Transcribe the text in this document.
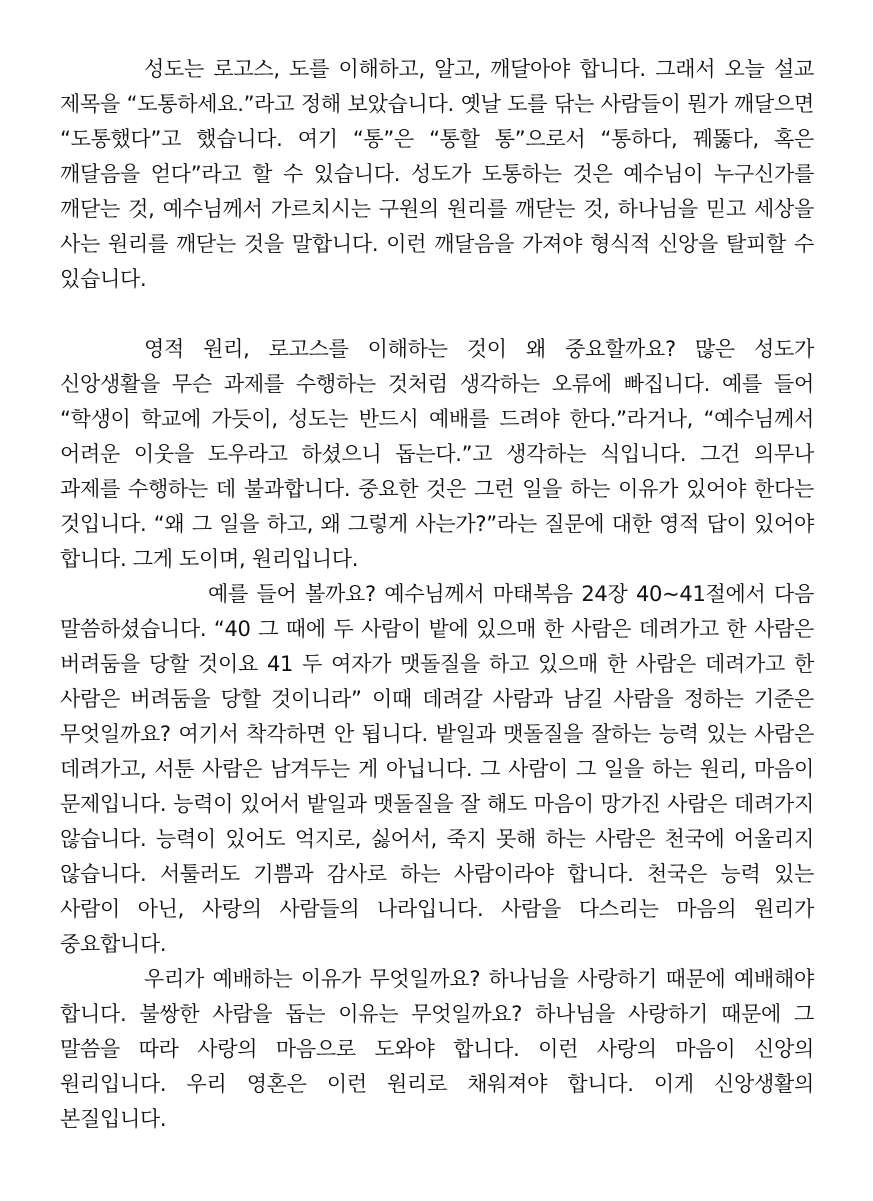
성도는 로고스, 도를 이해하고, 알고, 깨달아야 합니다. 그래서 오늘 설교 제목을 “도통하세요.”라고 정해 보았습니다. 옛날 도를 닦는 사람들이 뭔가 깨달으면 “도통했다”고 했습니다. 여기 “통”은 “통할 통”으로서 “통하다, 꿰뚫다, 혹은 깨달음을 얻다”라고 할 수 있습니다. 성도가 도통하는 것은 예수님이 누구신가를 깨닫는 것, 예수님께서 가르치시는 구원의 원리를 깨닫는 것, 하나님을 믿고 세상을 사는 원리를 깨닫는 것을 말합니다. 이런 깨달음을 가져야 형식적 신앙을 탈피할 수 있습니다.

영적 원리, 로고스를 이해하는 것이 왜 중요할까요? 많은 성도가 신앙생활을 무슨 과제를 수행하는 것처럼 생각하는 오류에 빠집니다. 예를 들어 “학생이 학교에 가듯이, 성도는 반드시 예배를 드려야 한다.”라거나, “예수님께서 어려운 이웃을 도우라고 하셨으니 돕는다.”고 생각하는 식입니다. 그건 의무나 과제를 수행하는 데 불과합니다. 중요한 것은 그런 일을 하는 이유가 있어야 한다는 것입니다. “왜 그 일을 하고, 왜 그렇게 사는가?”라는 질문에 대한 영적 답이 있어야 합니다. 그게 도이며, 원리입니다.

예를 들어 볼까요? 예수님께서 마태복음 24장 40~41절에서 다음 말씀하셨습니다. “40 그 때에 두 사람이 밭에 있으매 한 사람은 데려가고 한 사람은 버려둠을 당할 것이요 41 두 여자가 맷돌질을 하고 있으매 한 사람은 데려가고 한 사람은 버려둠을 당할 것이니라” 이때 데려갈 사람과 남길 사람을 정하는 기준은 무엇일까요? 여기서 착각하면 안 됩니다. 밭일과 맷돌질을 잘하는 능력 있는 사람은 데려가고, 서툰 사람은 남겨두는 게 아닙니다. 그 사람이 그 일을 하는 원리, 마음이 문제입니다. 능력이 있어서 밭일과 맷돌질을 잘 해도 마음이 망가진 사람은 데려가지 않습니다. 능력이 있어도 억지로, 싫어서, 죽지 못해 하는 사람은 천국에 어울리지 않습니다. 서툴러도 기쁨과 감사로 하는 사람이라야 합니다. 천국은 능력 있는 사람이 아닌, 사랑의 사람들의 나라입니다. 사람을 다스리는 마음의 원리가 중요합니다.

우리가 예배하는 이유가 무엇일까요? 하나님을 사랑하기 때문에 예배해야 합니다. 불쌍한 사람을 돕는 이유는 무엇일까요? 하나님을 사랑하기 때문에 그 말씀을 따라 사랑의 마음으로 도와야 합니다. 이런 사랑의 마음이 신앙의 원리입니다. 우리 영혼은 이런 원리로 채워져야 합니다. 이게 신앙생활의 본질입니다.
